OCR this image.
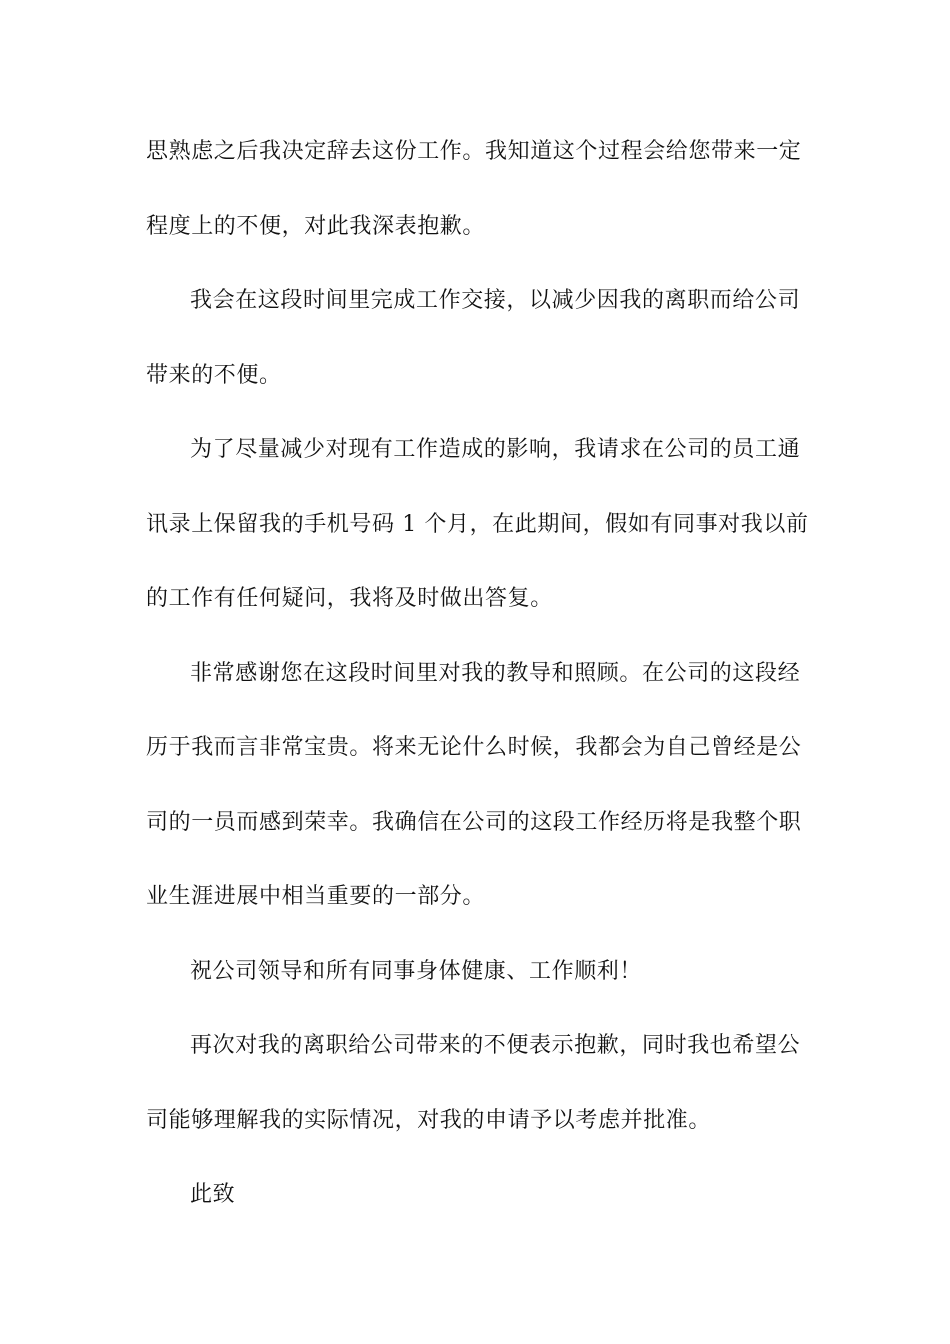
思熟虑之后我决定辞去这份工作。我知道这个过程会给您带来一定
程度上的不便，对此我深表抱歉。
我会在这段时间里完成工作交接，以减少因我的离职而给公司
带来的不便。
为了尽量减少对现有工作造成的影响，我请求在公司的员工通
讯录上保留我的手机号码 1 个月，在此期间，假如有同事对我以前
的工作有任何疑问，我将及时做出答复。
非常感谢您在这段时间里对我的教导和照顾。在公司的这段经
历于我而言非常宝贵。将来无论什么时候，我都会为自己曾经是公
司的一员而感到荣幸。我确信在公司的这段工作经历将是我整个职
业生涯进展中相当重要的一部分。
祝公司领导和所有同事身体健康、工作顺利！
再次对我的离职给公司带来的不便表示抱歉，同时我也希望公
司能够理解我的实际情况，对我的申请予以考虑并批准。
此致
